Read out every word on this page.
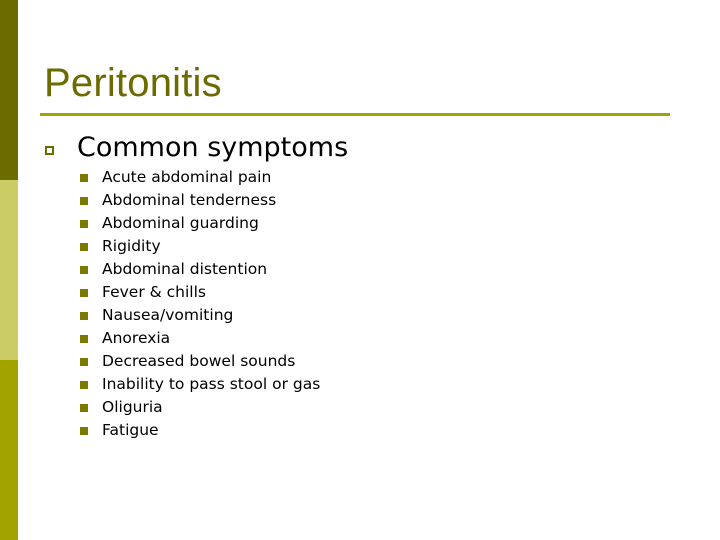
Peritonitis
Common symptoms
Acute abdominal pain
Abdominal tenderness
Abdominal guarding
Rigidity
Abdominal distention
Fever & chills
Nausea/vomiting
Anorexia
Decreased bowel sounds
Inability to pass stool or gas
Oliguria
Fatigue
